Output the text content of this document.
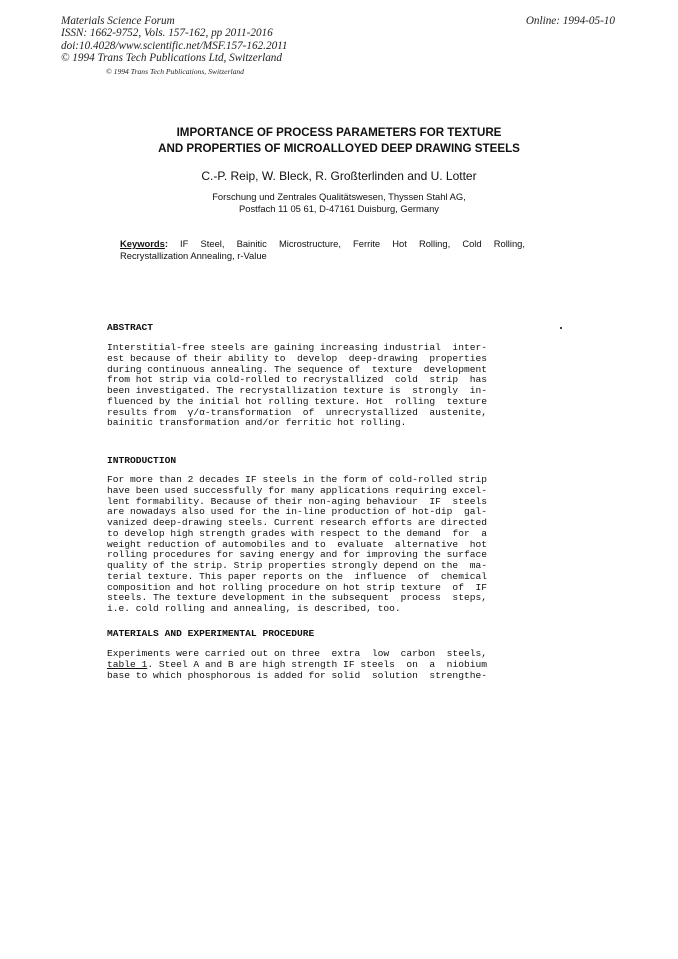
Materials Science Forum
ISSN: 1662-9752, Vols. 157-162, pp 2011-2016
doi:10.4028/www.scientific.net/MSF.157-162.2011
© 1994 Trans Tech Publications Ltd, Switzerland
Online: 1994-05-10
© 1994 Trans Tech Publications, Switzerland
IMPORTANCE OF PROCESS PARAMETERS FOR TEXTURE
AND PROPERTIES OF MICROALLOYED DEEP DRAWING STEELS
C.-P. Reip, W. Bleck, R. Großterlinden and U. Lotter
Forschung und Zentrales Qualitätswesen, Thyssen Stahl AG,
Postfach 11 05 61, D-47161 Duisburg, Germany
Keywords: IF Steel, Bainitic Microstructure, Ferrite Hot Rolling, Cold Rolling,
Recrystallization Annealing, r-Value
ABSTRACT
Interstitial-free steels are gaining increasing industrial  inter-
est because of their ability to  develop  deep-drawing  properties
during continuous annealing. The sequence of  texture  development
from hot strip via cold-rolled to recrystallized  cold  strip  has
been investigated. The recrystallization texture is  strongly  in-
fluenced by the initial hot rolling texture. Hot  rolling  texture
results from  γ/α-transformation  of  unrecrystallized  austenite,
bainitic transformation and/or ferritic hot rolling.
INTRODUCTION
For more than 2 decades IF steels in the form of cold-rolled strip
have been used successfully for many applications requiring excel-
lent formability. Because of their non-aging behaviour  IF  steels
are nowadays also used for the in-line production of hot-dip  gal-
vanized deep-drawing steels. Current research efforts are directed
to develop high strength grades with respect to the demand  for  a
weight reduction of automobiles and to  evaluate  alternative  hot
rolling procedures for saving energy and for improving the surface
quality of the strip. Strip properties strongly depend on the  ma-
terial texture. This paper reports on the  influence  of  chemical
composition and hot rolling procedure on hot strip texture  of  IF
steels. The texture development in the subsequent  process  steps,
i.e. cold rolling and annealing, is described, too.
MATERIALS AND EXPERIMENTAL PROCEDURE
Experiments were carried out on three  extra  low  carbon  steels,
table 1 . Steel A and B are high strength IF steels  on  a  niobium
base to which phosphorous is added for solid  solution  strengthe-
